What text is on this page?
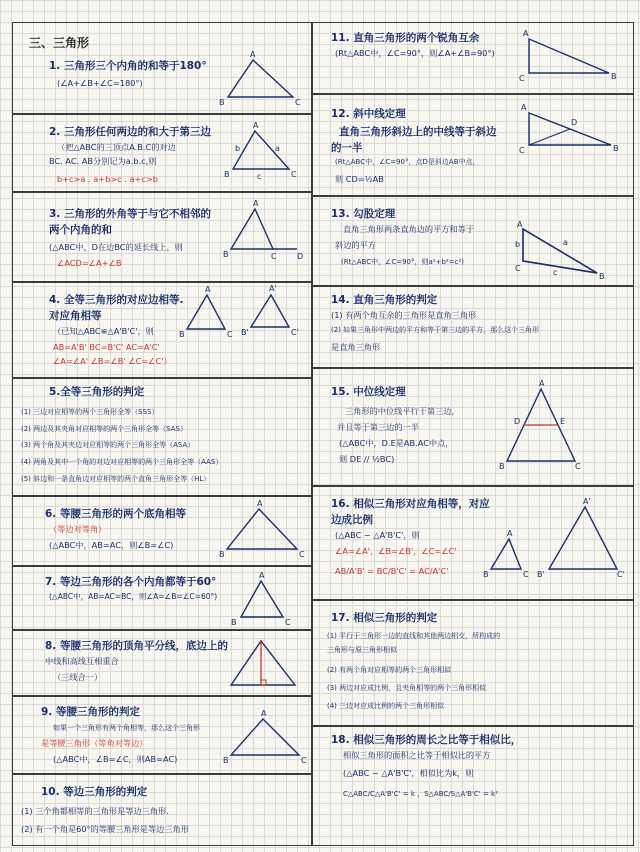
三、三角形
1. 三角形三个内角的和等于180°
(∠A+∠B+∠C=180°)
A
B	C
2. 三角形任何两边的和大于第三边
（把△ABC的三顶点A.B.C的对边
BC. AC. AB分别记为a.b.c,则
b+c>a . a+b>c . a+c>b
A
B	C
a
b
c
3. 三角形的外角等于与它不相邻的
两个内角的和
(△ABC中，D在边BC的延长线上，则
∠ACD=∠A+∠B
A
B	C	D
4. 全等三角形的对应边相等.
对应角相等
（已知△ABC≌△A'B'C'，则
AB=A'B' BC=B'C' AC=A'C'
∠A=∠A' ∠B=∠B' ∠C=∠C'）
A
B	C
A'
B'	C'
5.全等三角形的判定
(1) 三边对应相等的两个三角形全等（SSS）
(2) 两边及其夹角对应相等的两个三角形全等（SAS）
(3) 两个角及其夹边对应相等的两个三角形全等（ASA）
(4) 两角及其中一个角的对边对应相等的两个三角形全等（AAS）
(5) 斜边和一条直角边对应相等的两个直角三角形全等（HL）
6. 等腰三角形的两个底角相等
（等边对等角）
(△ABC中，AB=AC，则∠B=∠C)
A
B	C
7. 等边三角形的各个内角都等于60°
(△ABC中，AB=AC=BC，则∠A=∠B=∠C=60°)
A
B	C
8. 等腰三角形的顶角平分线，底边上的
中线和高线互相重合
（三线合一）
9. 等腰三角形的判定
如果一个三角形有两个角相等，那么这个三角形
是等腰三角形（等角对等边）
(△ABC中，∠B=∠C，则AB=AC)
A
B	C
10. 等边三角形的判定
(1) 三个角都相等的三角形是等边三角形.
(2) 有一个角是60°的等腰三角形是等边三角形
11. 直角三角形的两个锐角互余
(Rt△ABC中，∠C=90°，则∠A+∠B=90°)
A
B
C
12. 斜中线定理
直角三角形斜边上的中线等于斜边
的一半
(Rt△ABC中，∠C=90°，点D是斜边AB中点，
则 CD=½AB
A
B
C
D
13. 勾股定理
直角三角形两条直角边的平方和等于
斜边的平方
(Rt△ABC中，∠C=90°，则a²+b²=c²)
A
B
C
a
b
c
14. 直角三角形的判定
(1) 有两个角互余的三角形是直角三角形
(2) 如果三角形中两边的平方和等于第三边的平方，那么这个三角形
是直角三角形
15. 中位线定理
三角形的中位线平行于第三边，
并且等于第三边的一半
(△ABC中，D.E是AB.AC中点，
则 DE // ½BC)
A
B	C
D	E
16. 相似三角形对应角相等，对应
边成比例
(△ABC ∽ △A'B'C'，则
∠A=∠A'，∠B=∠B'，∠C=∠C'
AB/A'B' = BC/B'C' = AC/A'C'
A
B	C
A'
B'	C'
17. 相似三角形的判定
(1) 平行于三角形一边的直线和其他两边相交，所构成的
三角形与原三角形相似
(2) 有两个角对应相等的两个三角形相似
(3) 两边对应成比例，且夹角相等的两个三角形相似
(4) 三边对应成比例的两个三角形相似
18. 相似三角形的周长之比等于相似比，
相似三角形的面积之比等于相似比的平方
(△ABC ∽ △A'B'C'，相似比为k，则
C△ABC/C△A'B'C' = k ，S△ABC/S△A'B'C' = k²
